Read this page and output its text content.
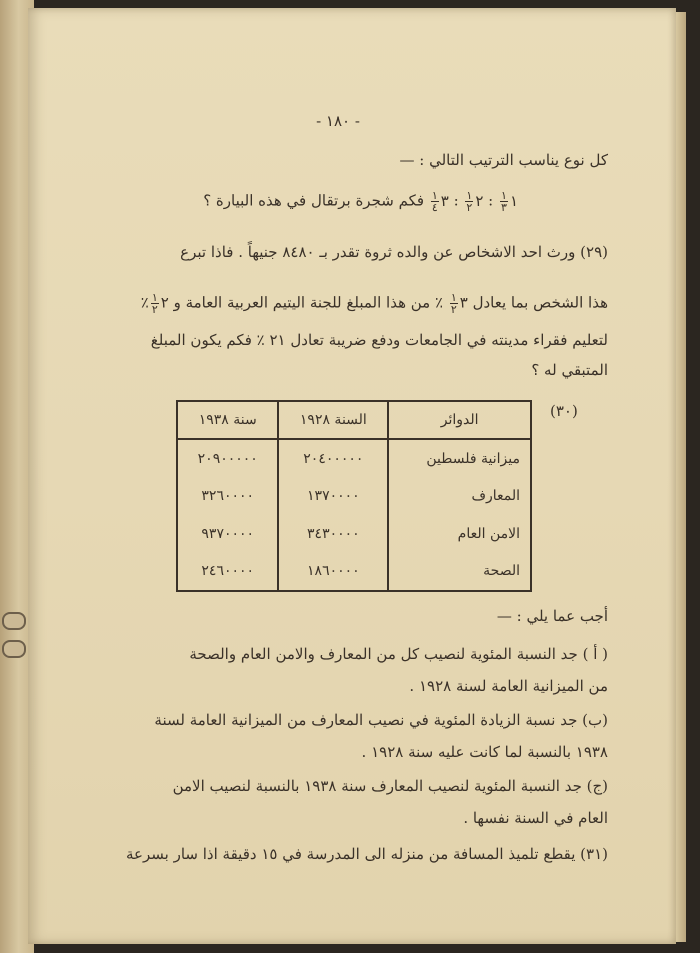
- ١٨٠ -
كل نوع يناسب الترتيب التالي : —
١
$\frac{١}{٣}$
: ٢
$\frac{١}{٢}$
: ٣
$\frac{١}{٤}$
فكم شجرة برتقال في هذه البيارة ؟
(٢٩) ورث احد الاشخاص عن والده ثروة تقدر بـ ٨٤٨٠ جنيهاً . فاذا تبرع
هذا الشخص بما يعادل ٣
$\frac{١}{٢}$
٪ من هذا المبلغ للجنة اليتيم العربية العامة و ٢
$\frac{١}{٢}$
٪
لتعليم فقراء مدينته في الجامعات ودفع ضريبة تعادل ٢١ ٪ فكم يكون المبلغ
المتبقي له ؟
أجب عما يلي : —
( أ ) جد النسبة المئوية لنصيب كل من المعارف والامن العام والصحة
من الميزانية العامة لسنة ١٩٢٨ .
(ب) جد نسبة الزيادة المئوية في نصيب المعارف من الميزانية العامة لسنة
١٩٣٨ بالنسبة لما كانت عليه سنة ١٩٢٨ .
(ج) جد النسبة المئوية لنصيب المعارف سنة ١٩٣٨ بالنسبة لنصيب الامن
العام في السنة نفسها .
(٣١) يقطع تلميذ المسافة من منزله الى المدرسة في ١٥ دقيقة اذا سار بسرعة
(٣٠)
الدوائر	السنة ١٩٢٨	سنة ١٩٣٨
ميزانية فلسطين	٢٠٤٠٠٠٠٠	٢٠٩٠٠٠٠٠
المعارف	١٣٧٠٠٠٠	٣٢٦٠٠٠٠
الامن العام	٣٤٣٠٠٠٠	٩٣٧٠٠٠٠
الصحة	١٨٦٠٠٠٠	٢٤٦٠٠٠٠
